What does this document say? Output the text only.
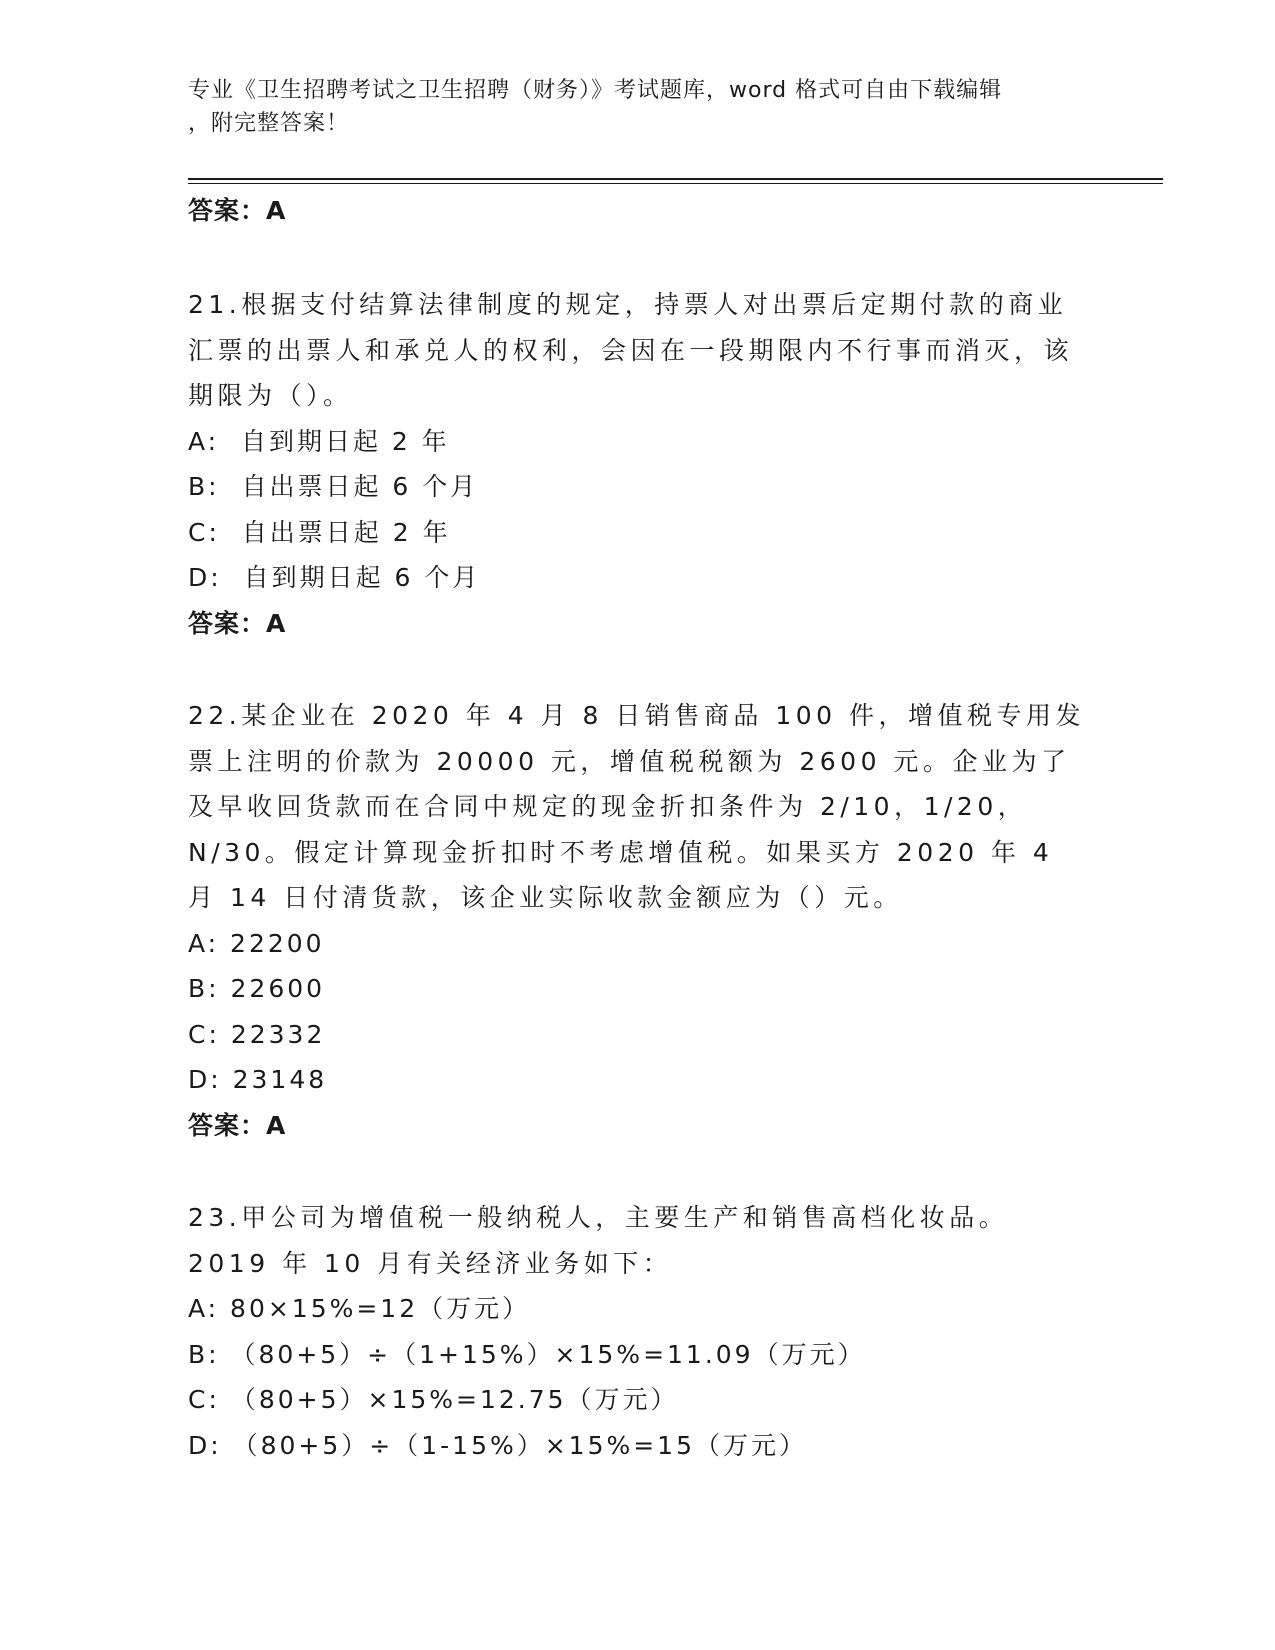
专业《卫生招聘考试之卫生招聘（财务）》考试题库，word 格式可自由下载编辑
，附完整答案！
答案：A
21.根据支付结算法律制度的规定，持票人对出票后定期付款的商业汇票的出票人和承兑人的权利，会因在一段期限内不行事而消灭，该期限为（）。
A:  自到期日起 2 年
B:  自出票日起 6 个月
C:  自出票日起 2 年
D:  自到期日起 6 个月
答案：A
22.某企业在 2020 年 4 月 8 日销售商品 100 件，增值税专用发票上注明的价款为 20000 元，增值税税额为 2600 元。企业为了及早收回货款而在合同中规定的现金折扣条件为 2/10，1/20，N/30。假定计算现金折扣时不考虑增值税。如果买方 2020 年 4 月 14 日付清货款，该企业实际收款金额应为（）元。
A: 22200
B: 22600
C: 22332
D: 23148
答案：A
23.甲公司为增值税一般纳税人，主要生产和销售高档化妆品。2019 年 10 月有关经济业务如下：
A: 80×15%=12（万元）
B: （80+5）÷（1+15%）×15%=11.09（万元）
C: （80+5）×15%=12.75（万元）
D: （80+5）÷（1-15%）×15%=15（万元）
